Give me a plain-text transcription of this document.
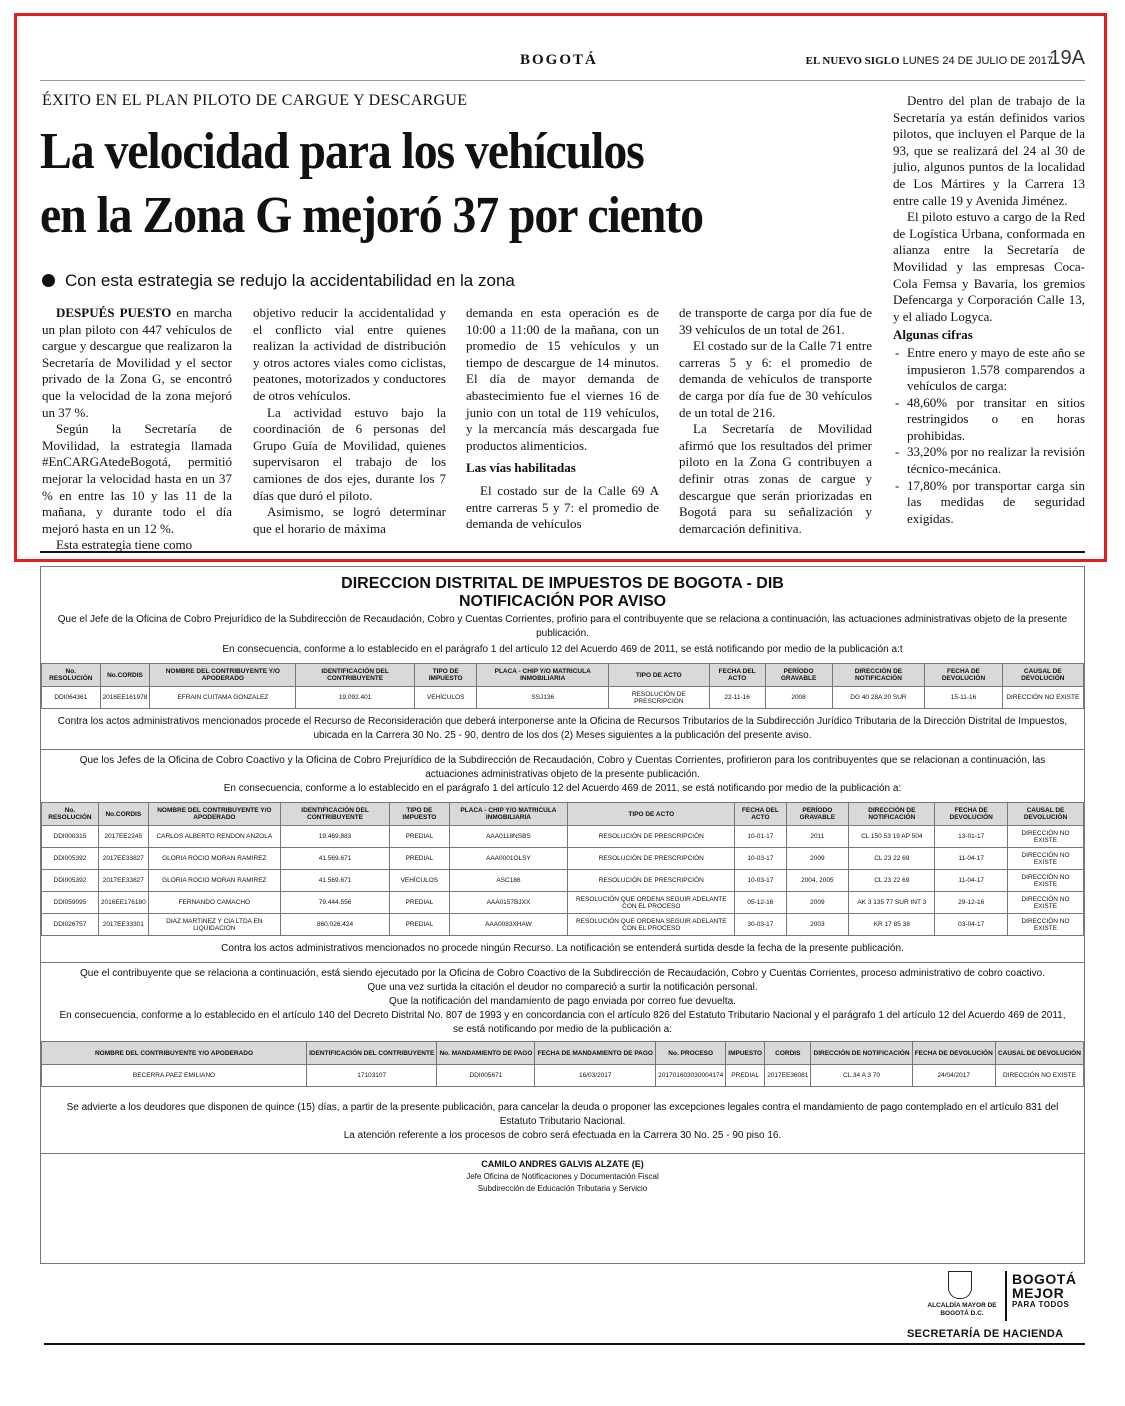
BOGOTÁ	EL NUEVO SIGLO LUNES 24 DE JULIO DE 2017
19A
ÉXITO EN EL PLAN PILOTO DE CARGUE Y DESCARGUE
La velocidad para los vehículos
en la Zona G mejoró 37 por ciento
Con esta estrategia se redujo la accidentabilidad en la zona

DESPUÉS PUESTO en marcha un plan piloto con 447 vehículos de cargue y descargue que realizaron la Secretaría de Movilidad y el sector privado de la Zona G, se encontró que la velocidad de la zona mejoró un 37 %.

Según la Secretaría de Movilidad, la estrategia llamada #EnCARGAtedeBogotá, permitió mejorar la velocidad hasta en un 37 % en entre las 10 y las 11 de la mañana, y durante todo el día mejoró hasta en un 12 %.

Esta estrategia tiene como

objetivo reducir la accidentalidad y el conflicto vial entre quienes realizan la actividad de distribución y otros actores viales como ciclistas, peatones, motorizados y conductores de otros vehículos.

La actividad estuvo bajo la coordinación de 6 personas del Grupo Guía de Movilidad, quienes supervisaron el trabajo de los camiones de dos ejes, durante los 7 días que duró el piloto.

Asimismo, se logró determinar que el horario de máxima

demanda en esta operación es de 10:00 a 11:00 de la mañana, con un promedio de 15 vehículos y un tiempo de descargue de 14 minutos. El día de mayor demanda de abastecimiento fue el viernes 16 de junio con un total de 119 vehículos, y la mercancía más descargada fue productos alimenticios.

Las vías habilitadas

El costado sur de la Calle 69 A entre carreras 5 y 7: el promedio de demanda de vehículos

de transporte de carga por día fue de 39 vehículos de un total de 261.

El costado sur de la Calle 71 entre carreras 5 y 6: el promedio de demanda de vehículos de transporte de carga por día fue de 30 vehículos de un total de 216.

La Secretaría de Movilidad afirmó que los resultados del primer piloto en la Zona G contribuyen a definir otras zonas de cargue y descargue que serán priorizadas en Bogotá para su señalización y demarcación definitiva.

Dentro del plan de trabajo de la Secretaría ya están definidos varios pilotos, que incluyen el Parque de la 93, que se realizará del 24 al 30 de julio, algunos puntos de la localidad de Los Mártires y la Carrera 13 entre calle 19 y Avenida Jiménez.

El piloto estuvo a cargo de la Red de Logística Urbana, conformada en alianza entre la Secretaría de Movilidad y las empresas Coca-Cola Femsa y Bavaria, los gremios Defencarga y Corporación Calle 13, y el aliado Logyca.

Algunas cifras
- Entre enero y mayo de este año se impusieron 1.578 comparendos a vehículos de carga:
- 48,60% por transitar en sitios restringidos o en horas prohibidas.
- 33,20% por no realizar la revisión técnico-mecánica.
- 17,80% por transportar carga sin las medidas de seguridad exigidas.
DIRECCION DISTRITAL DE IMPUESTOS DE BOGOTA - DIB
NOTIFICACIÓN POR AVISO
Que el Jefe de la Oficina de Cobro Prejurídico de la Subdirección de Recaudación, Cobro y Cuentas Corrientes, profirio para el contribuyente que se relaciona a continuación, las actuaciones administrativas objeto de la presente publicación.
En consecuencia, conforme a lo establecido en el parágrafo 1 del artículo 12 del Acuerdo 469 de 2011, se está notificando por medio de la publicación a:t
No. RESOLUCIÓN	No.CORDIS	NOMBRE DEL CONTRIBUYENTE Y/O APODERADO	IDENTIFICACIÓN DEL CONTRIBUYENTE	TIPO DE IMPUESTO	PLACA - CHIP Y/O MATRICULA INMOBILIARIA	TIPO DE ACTO	FECHA DEL ACTO	PERÍODO GRAVABLE	DIRECCIÓN DE NOTIFICACIÓN	FECHA DE DEVOLUCIÓN	CAUSAL DE DEVOLUCIÓN
DDI064361	2016EE161978	EFRAIN CUITAMA GONZALEZ	19.092.401	VEHÍCULOS	SSJ136	RESOLUCIÓN DE PRESCRIPCIÓN	22-11-16	2008	DG 40 28A 20 SUR	15-11-16	DIRECCIÓN NO EXISTE
Contra los actos administrativos mencionados procede el Recurso de Reconsideración que deberá interponerse ante la Oficina de Recursos Tributarios de la Subdirección Jurídico Tributaria de la Dirección Distrital de Impuestos, ubicada en la Carrera 30 No. 25 - 90, dentro de los dos (2) Meses siguientes a la publicación del presente aviso.
Que los Jefes de la Oficina de Cobro Coactivo y la Oficina de Cobro Prejurídico de la Subdirección de Recaudación, Cobro y Cuentas Corrientes, profirieron para los contribuyentes que se relacionan a continuación, las actuaciones administrativas objeto de la presente publicación.
En consecuencia, conforme a lo establecido en el parágrafo 1 del artículo 12 del Acuerdo 469 de 2011, se está notificando por medio de la publicación a:
No. RESOLUCIÓN	No.CORDIS	NOMBRE DEL CONTRIBUYENTE Y/O APODERADO	IDENTIFICACIÓN DEL CONTRIBUYENTE	TIPO DE IMPUESTO	PLACA - CHIP Y/O MATRICULA INMOBILIARIA	TIPO DE ACTO	FECHA DEL ACTO	PERÍODO GRAVABLE	DIRECCIÓN DE NOTIFICACIÓN	FECHA DE DEVOLUCIÓN	CAUSAL DE DEVOLUCIÓN
DDI000315	2017EE2245	CARLOS ALBERTO RENDON ANZOLA	19.469.883	PREDIAL	AAA0118NSBS	RESOLUCIÓN DE PRESCRIPCIÓN	10-01-17	2011	CL 150 53 19 AP 504	13-01-17	DIRECCIÓN NO EXISTE
DDI005392	2017EE33827	GLORIA ROCIO MORAN RAMIREZ	41.569.671	PREDIAL	AAA0001OLSY	RESOLUCIÓN DE PRESCRIPCIÓN	10-03-17	2009	CL 23 22 69	11-04-17	DIRECCIÓN NO EXISTE
DDI005392	2017EE33827	GLORIA ROCIO MORAN RAMIREZ	41.569.671	VEHÍCULOS	ASC186	RESOLUCIÓN DE PRESCRIPCIÓN	10-03-17	2004, 2005	CL 23 22 69	11-04-17	DIRECCIÓN NO EXISTE
DDI059095	2016EE176180	FERNANDO CAMACHO	79.444.556	PREDIAL	AAA0157BJXX	RESOLUCIÓN QUE ORDENA SEGUIR ADELANTE CON EL PROCESO	05-12-16	2009	AK 3 135 77 SUR INT 3	29-12-16	DIRECCIÓN NO EXISTE
DDI026757	2017EE33301	DIAZ MARTINEZ Y CIA LTDA EN LIQUIDACION	860.026.424	PREDIAL	AAA0083XHAW	RESOLUCIÓN QUE ORDENA SEGUIR ADELANTE CON EL PROCESO	30-03-17	2003	KR 17 85 38	03-04-17	DIRECCIÓN NO EXISTE
Contra los actos administrativos mencionados no procede ningún Recurso. La notificación se entenderá surtida desde la fecha de la presente publicación.
Que el contribuyente que se relaciona a continuación, está siendo ejecutado por la Oficina de Cobro Coactivo de la Subdirección de Recaudación, Cobro y Cuentas Corrientes, proceso administrativo de cobro coactivo.
Que una vez surtida la citación el deudor no compareció a surtir la notificación personal.
Que la notificación del mandamiento de pago enviada por correo fue devuelta.
En consecuencia, conforme a lo establecido en el artículo 140 del Decreto Distrital No. 807 de 1993 y en concordancia con el artículo 826 del Estatuto Tributario Nacional y el parágrafo 1 del artículo 12 del Acuerdo 469 de 2011, se está notificando por medio de la publicación a:
NOMBRE DEL CONTRIBUYENTE Y/O APODERADO	IDENTIFICACIÓN DEL CONTRIBUYENTE	No. MANDAMIENTO DE PAGO	FECHA DE MANDAMIENTO DE PAGO	No. PROCESO	IMPUESTO	CORDIS	DIRECCIÓN DE NOTIFICACIÓN	FECHA DE DEVOLUCIÓN	CAUSAL DE DEVOLUCIÓN
BECERRA PAEZ EMILIANO	17103107	DDI005671	16/03/2017	201701603030004174	PREDIAL	2017EE36081	CL 34 A 3 70	24/04/2017	DIRECCIÓN NO EXISTE
Se advierte a los deudores que disponen de quince (15) días, a partir de la presente publicación, para cancelar la deuda o proponer las excepciones legales contra el mandamiento de pago contemplado en el artículo 831 del Estatuto Tributario Nacional.
La atención referente a los procesos de cobro será efectuada en la Carrera 30 No. 25 - 90 piso 16.
CAMILO ANDRES GALVIS ALZATE (E)
Jefe Oficina de Notificaciones y Documentación Fiscal
Subdirección de Educación Tributaria y Servicio
ALCALDÍA MAYOR DE BOGOTÁ D.C.
BOGOTÁ
MEJOR
PARA TODOS
SECRETARÍA DE HACIENDA
